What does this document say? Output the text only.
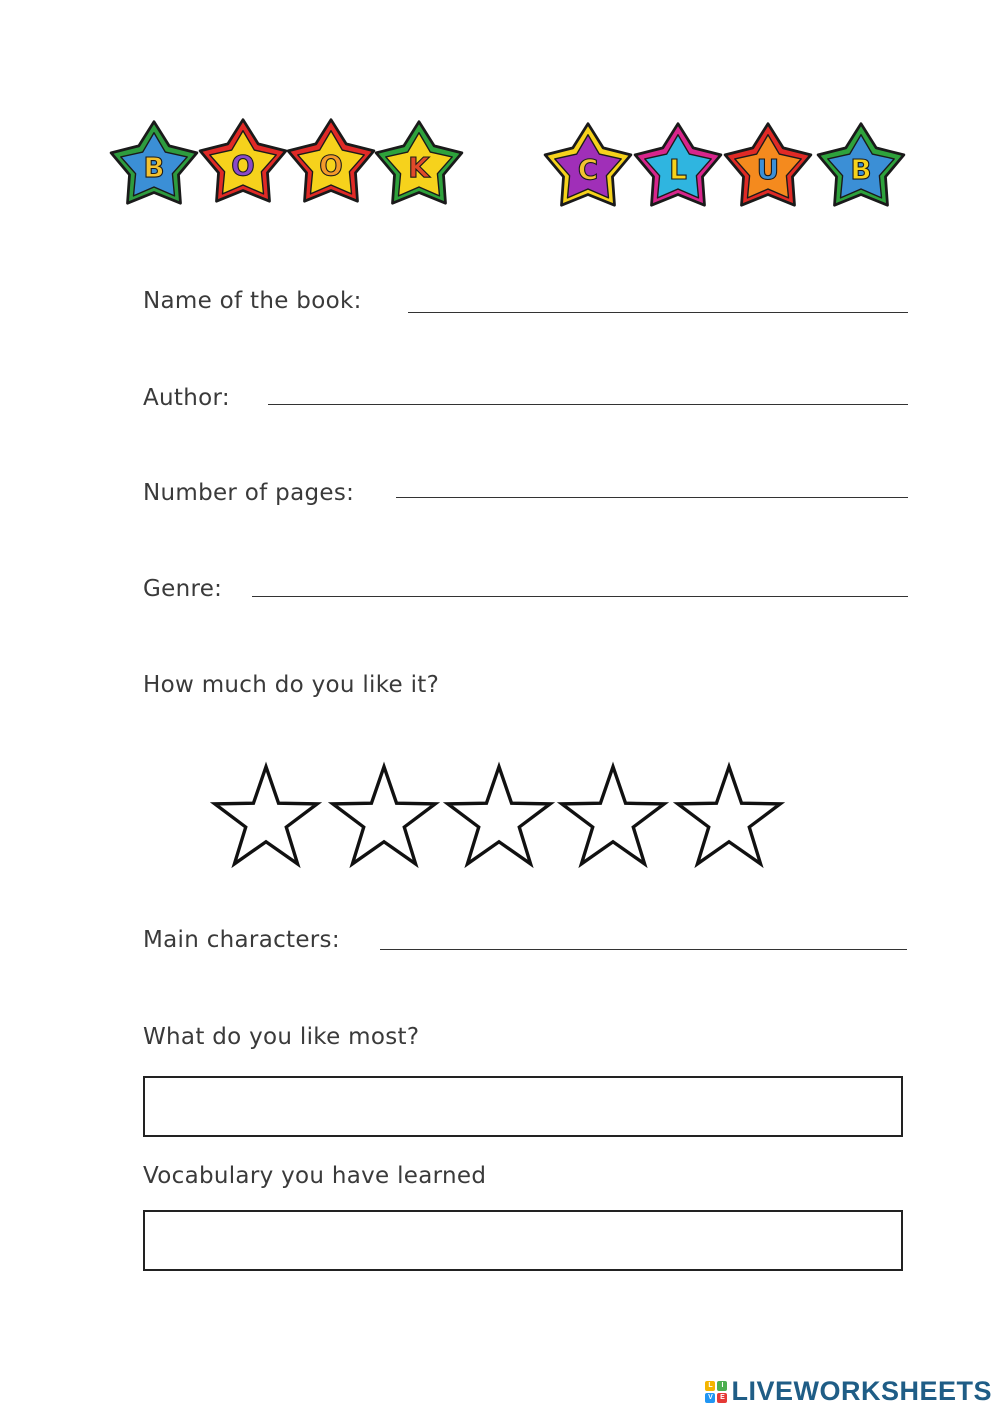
B O O K	C L U B
Name of the book:
Author:
Number of pages:
Genre:
How much do you like it?
Main characters:
What do you like most?
Vocabulary you have learned
L	I
V	E LIVEWORKSHEETS
